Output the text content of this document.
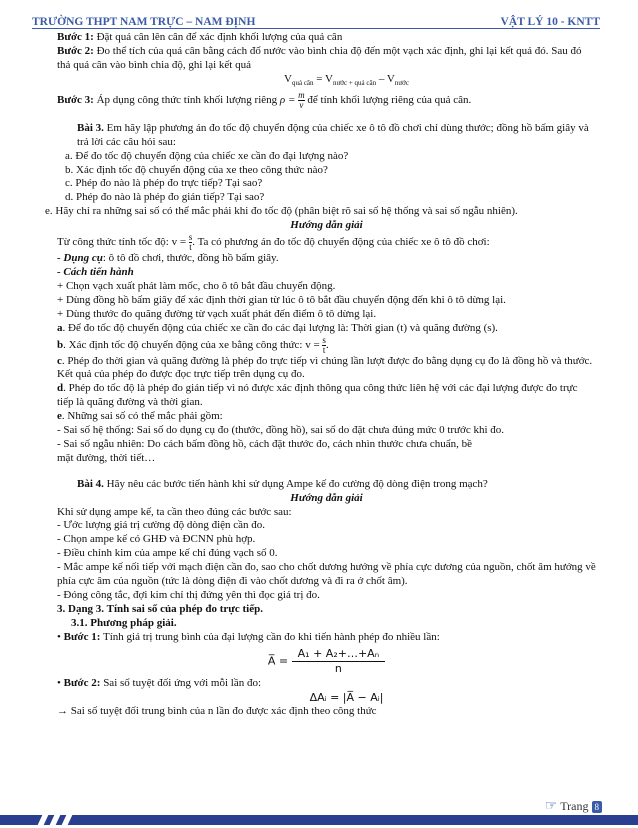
TRƯỜNG THPT NAM TRỰC – NAM ĐỊNH	VẬT LÝ 10 - KNTT

Bước 1: Đặt quả cân lên cân để xác định khối lượng của quả cân

Bước 2: Đo thể tích của quả cân bằng cách đổ nước vào bình chia độ đến một vạch xác định, ghi lại kết quả đó. Sau đó thả quả cân vào bình chia độ, ghi lại kết quả

$V_{quả cân} = V_{nước + quả cân} - V_{nước}$

Bước 3: Áp dụng công thức tính khối lượng riêng $\rho = \frac{m}{v}$ để tính khối lượng riêng của quả cân.

Bài 3. Em hãy lập phương án đo tốc độ chuyển động của chiếc xe ô tô đồ chơi chỉ dùng thước; đồng hồ bấm giây và trả lời các câu hỏi sau:

a. Để đo tốc độ chuyển động của chiếc xe cần đo đại lượng nào?

b. Xác định tốc độ chuyển động của xe theo công thức nào?

c. Phép đo nào là phép đo trực tiếp? Tại sao?

d. Phép đo nào là phép đo gián tiếp? Tại sao?

e. Hãy chỉ ra những sai số có thể mắc phải khi đo tốc độ (phân biệt rõ sai số hệ thống và sai số ngẫu nhiên).

Hướng dẫn giải

Từ công thức tính tốc độ: $v = \frac{s}{t}$ . Ta có phương án đo tốc độ chuyển động của chiếc xe ô tô đồ chơi:

- Dụng cụ: ô tô đồ chơi, thước, đồng hồ bấm giây.

- Cách tiến hành

+ Chọn vạch xuất phát làm mốc, cho ô tô bắt đầu chuyển động.

+ Dùng đồng hồ bấm giây để xác định thời gian từ lúc ô tô bắt đầu chuyển động đến khi ô tô dừng lại.

+ Dùng thước đo quãng đường từ vạch xuất phát đến điểm ô tô dừng lại.

a. Để đo tốc độ chuyển động của chiếc xe cần đo các đại lượng là: Thời gian (t) và quãng đường (s).

b. Xác định tốc độ chuyển động của xe bằng công thức: $v = \frac{s}{t}$ .

c. Phép đo thời gian và quãng đường là phép đo trực tiếp vì chúng lần lượt được đo bằng dụng cụ đo là đồng hồ và thước. Kết quả của phép đo được đọc trực tiếp trên dụng cụ đo.

d. Phép đo tốc độ là phép đo gián tiếp vì nó được xác định thông qua công thức liên hệ với các đại lượng được đo trực tiếp là quãng đường và thời gian.

e. Những sai số có thể mắc phải gồm:

- Sai số hệ thống: Sai số do dụng cụ đo (thước, đồng hồ), sai số do đặt chưa đúng mức 0 trước khi đo.

- Sai số ngẫu nhiên: Do cách bấm đồng hồ, cách đặt thước đo, cách nhìn thước chưa chuẩn, bề mặt đường, thời tiết…

Bài 4. Hãy nêu các bước tiến hành khi sử dụng Ampe kế đo cường độ dòng điện trong mạch?

Hướng dẫn giải

Khi sử dụng ampe kế, ta cần theo đúng các bước sau:

- Ước lượng giá trị cường độ dòng điện cần đo.

- Chọn ampe kế có GHĐ và ĐCNN phù hợp.

- Điều chỉnh kim của ampe kế chỉ đúng vạch số 0.

- Mắc ampe kế nối tiếp với mạch điện cần đo, sao cho chốt dương hướng về phía cực dương của nguồn, chốt âm hướng về phía cực âm của nguồn (tức là dòng điện đi vào chốt dương và đi ra ở chốt âm).

- Đóng công tắc, đợi kim chỉ thị đứng yên thì đọc giá trị đo.

3. Dạng 3. Tính sai số của phép đo trực tiếp.

3.1. Phương pháp giải.

• Bước 1: Tính giá trị trung bình của đại lượng cần đo khi tiến hành phép đo nhiều lần:

A̅ = $\frac{\text{A₁ + A₂+…+Aₙ}}{n}$

• Bước 2: Sai số tuyệt đối ứng với mỗi lần đo:

ΔAᵢ = |A̅ − Aᵢ|

→ Sai số tuyệt đối trung bình của n lần đo được xác định theo công thức

☞ Trang 8
